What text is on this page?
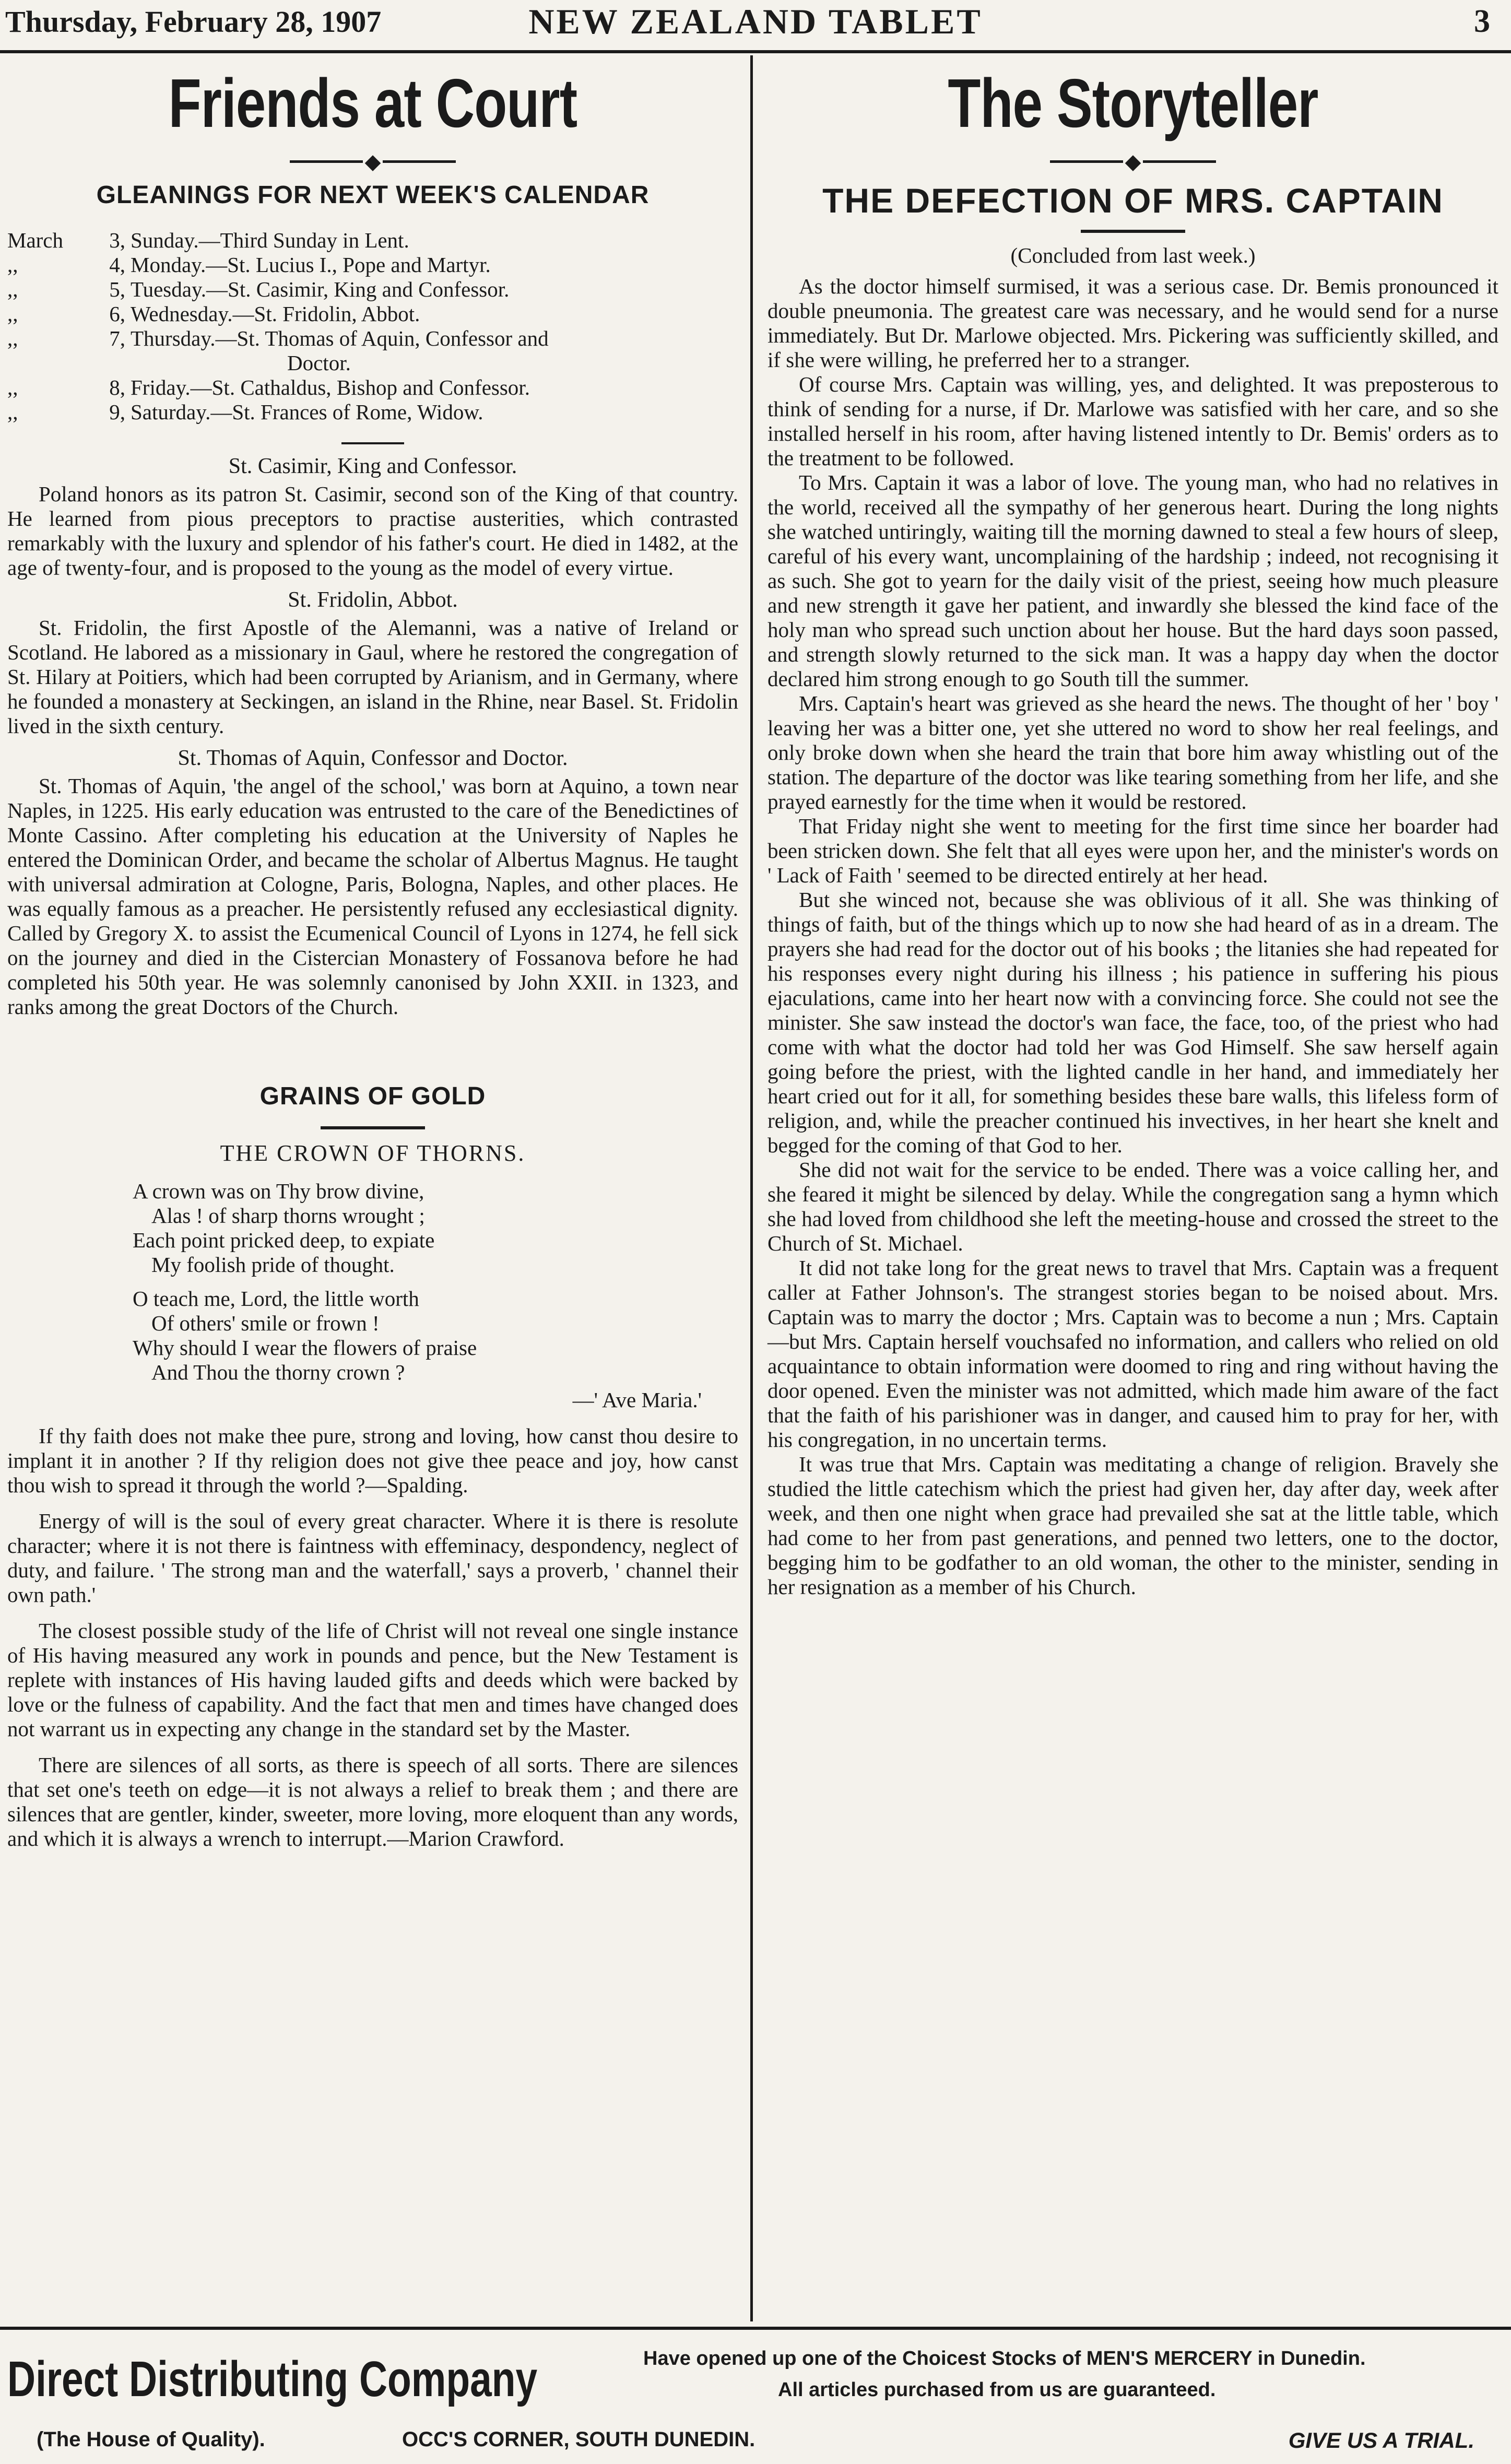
Thursday, February 28, 1907	NEW ZEALAND TABLET	3
Friends at Court
◆
GLEANINGS FOR NEXT WEEK'S CALENDAR
March	3, Sunday.—Third Sunday in Lent.
,,	4, Monday.—St. Lucius I., Pope and Martyr.
,,	5, Tuesday.—St. Casimir, King and Confessor.
,,	6, Wednesday.—St. Fridolin, Abbot.
,,	7, Thursday.—St. Thomas of Aquin, Confessor and
Doctor.
,,	8, Friday.—St. Cathaldus, Bishop and Confessor.
,,	9, Saturday.—St. Frances of Rome, Widow.
St. Casimir, King and Confessor.

Poland honors as its patron St. Casimir, second son of the King of that country. He learned from pious preceptors to practise austerities, which contrasted remarkably with the luxury and splendor of his father's court. He died in 1482, at the age of twenty-four, and is proposed to the young as the model of every virtue.

St. Fridolin, Abbot.

St. Fridolin, the first Apostle of the Alemanni, was a native of Ireland or Scotland. He labored as a missionary in Gaul, where he restored the congregation of St. Hilary at Poitiers, which had been corrupted by Arianism, and in Germany, where he founded a monastery at Seckingen, an island in the Rhine, near Basel. St. Fridolin lived in the sixth century.

St. Thomas of Aquin, Confessor and Doctor.

St. Thomas of Aquin, 'the angel of the school,' was born at Aquino, a town near Naples, in 1225. His early education was entrusted to the care of the Benedictines of Monte Cassino. After completing his education at the University of Naples he entered the Dominican Order, and became the scholar of Albertus Magnus. He taught with universal admiration at Cologne, Paris, Bologna, Naples, and other places. He was equally famous as a preacher. He persistently refused any ecclesiastical dignity. Called by Gregory X. to assist the Ecumenical Council of Lyons in 1274, he fell sick on the journey and died in the Cistercian Monastery of Fossanova before he had completed his 50th year. He was solemnly canonised by John XXII. in 1323, and ranks among the great Doctors of the Church.

GRAINS OF GOLD
THE CROWN OF THORNS.
A crown was on Thy brow divine,
Alas ! of sharp thorns wrought ;
Each point pricked deep, to expiate
My foolish pride of thought.
O teach me, Lord, the little worth
Of others' smile or frown !
Why should I wear the flowers of praise
And Thou the thorny crown ?
—' Ave Maria.'

If thy faith does not make thee pure, strong and loving, how canst thou desire to implant it in another ? If thy religion does not give thee peace and joy, how canst thou wish to spread it through the world ?—Spalding.

Energy of will is the soul of every great character. Where it is there is resolute character; where it is not there is faintness with effeminacy, despondency, neglect of duty, and failure. ' The strong man and the waterfall,' says a proverb, ' channel their own path.'

The closest possible study of the life of Christ will not reveal one single instance of His having measured any work in pounds and pence, but the New Testament is replete with instances of His having lauded gifts and deeds which were backed by love or the fulness of capability. And the fact that men and times have changed does not warrant us in expecting any change in the standard set by the Master.

There are silences of all sorts, as there is speech of all sorts. There are silences that set one's teeth on edge—it is not always a relief to break them ; and there are silences that are gentler, kinder, sweeter, more loving, more eloquent than any words, and which it is always a wrench to interrupt.—Marion Crawford.

The Storyteller
◆
THE DEFECTION OF MRS. CAPTAIN
(Concluded from last week.)

As the doctor himself surmised, it was a serious case. Dr. Bemis pronounced it double pneumonia. The greatest care was necessary, and he would send for a nurse immediately. But Dr. Marlowe objected. Mrs. Pickering was sufficiently skilled, and if she were willing, he preferred her to a stranger.

Of course Mrs. Captain was willing, yes, and delighted. It was preposterous to think of sending for a nurse, if Dr. Marlowe was satisfied with her care, and so she installed herself in his room, after having listened intently to Dr. Bemis' orders as to the treatment to be followed.

To Mrs. Captain it was a labor of love. The young man, who had no relatives in the world, received all the sympathy of her generous heart. During the long nights she watched untiringly, waiting till the morning dawned to steal a few hours of sleep, careful of his every want, uncomplaining of the hardship ; indeed, not recognising it as such. She got to yearn for the daily visit of the priest, seeing how much pleasure and new strength it gave her patient, and inwardly she blessed the kind face of the holy man who spread such unction about her house. But the hard days soon passed, and strength slowly returned to the sick man. It was a happy day when the doctor declared him strong enough to go South till the summer.

Mrs. Captain's heart was grieved as she heard the news. The thought of her ' boy ' leaving her was a bitter one, yet she uttered no word to show her real feelings, and only broke down when she heard the train that bore him away whistling out of the station. The departure of the doctor was like tearing something from her life, and she prayed earnestly for the time when it would be restored.

That Friday night she went to meeting for the first time since her boarder had been stricken down. She felt that all eyes were upon her, and the minister's words on ' Lack of Faith ' seemed to be directed entirely at her head.

But she winced not, because she was oblivious of it all. She was thinking of things of faith, but of the things which up to now she had heard of as in a dream. The prayers she had read for the doctor out of his books ; the litanies she had repeated for his responses every night during his illness ; his patience in suffering his pious ejaculations, came into her heart now with a convincing force. She could not see the minister. She saw instead the doctor's wan face, the face, too, of the priest who had come with what the doctor had told her was God Himself. She saw herself again going before the priest, with the lighted candle in her hand, and immediately her heart cried out for it all, for something besides these bare walls, this lifeless form of religion, and, while the preacher continued his invectives, in her heart she knelt and begged for the coming of that God to her.

She did not wait for the service to be ended. There was a voice calling her, and she feared it might be silenced by delay. While the congregation sang a hymn which she had loved from childhood she left the meeting-house and crossed the street to the Church of St. Michael.

It did not take long for the great news to travel that Mrs. Captain was a frequent caller at Father Johnson's. The strangest stories began to be noised about. Mrs. Captain was to marry the doctor ; Mrs. Captain was to become a nun ; Mrs. Captain—but Mrs. Captain herself vouchsafed no information, and callers who relied on old acquaintance to obtain information were doomed to ring and ring without having the door opened. Even the minister was not admitted, which made him aware of the fact that the faith of his parishioner was in danger, and caused him to pray for her, with his congregation, in no uncertain terms.

It was true that Mrs. Captain was meditating a change of religion. Bravely she studied the little catechism which the priest had given her, day after day, week after week, and then one night when grace had prevailed she sat at the little table, which had come to her from past generations, and penned two letters, one to the doctor, begging him to be godfather to an old woman, the other to the minister, sending in her resignation as a member of his Church.

Direct Distributing Company
(The House of Quality).	OCC'S CORNER, SOUTH DUNEDIN.
Have opened up one of the Choicest Stocks of MEN'S MERCERY in Dunedin.
All articles purchased from us are guaranteed.
GIVE US A TRIAL.
